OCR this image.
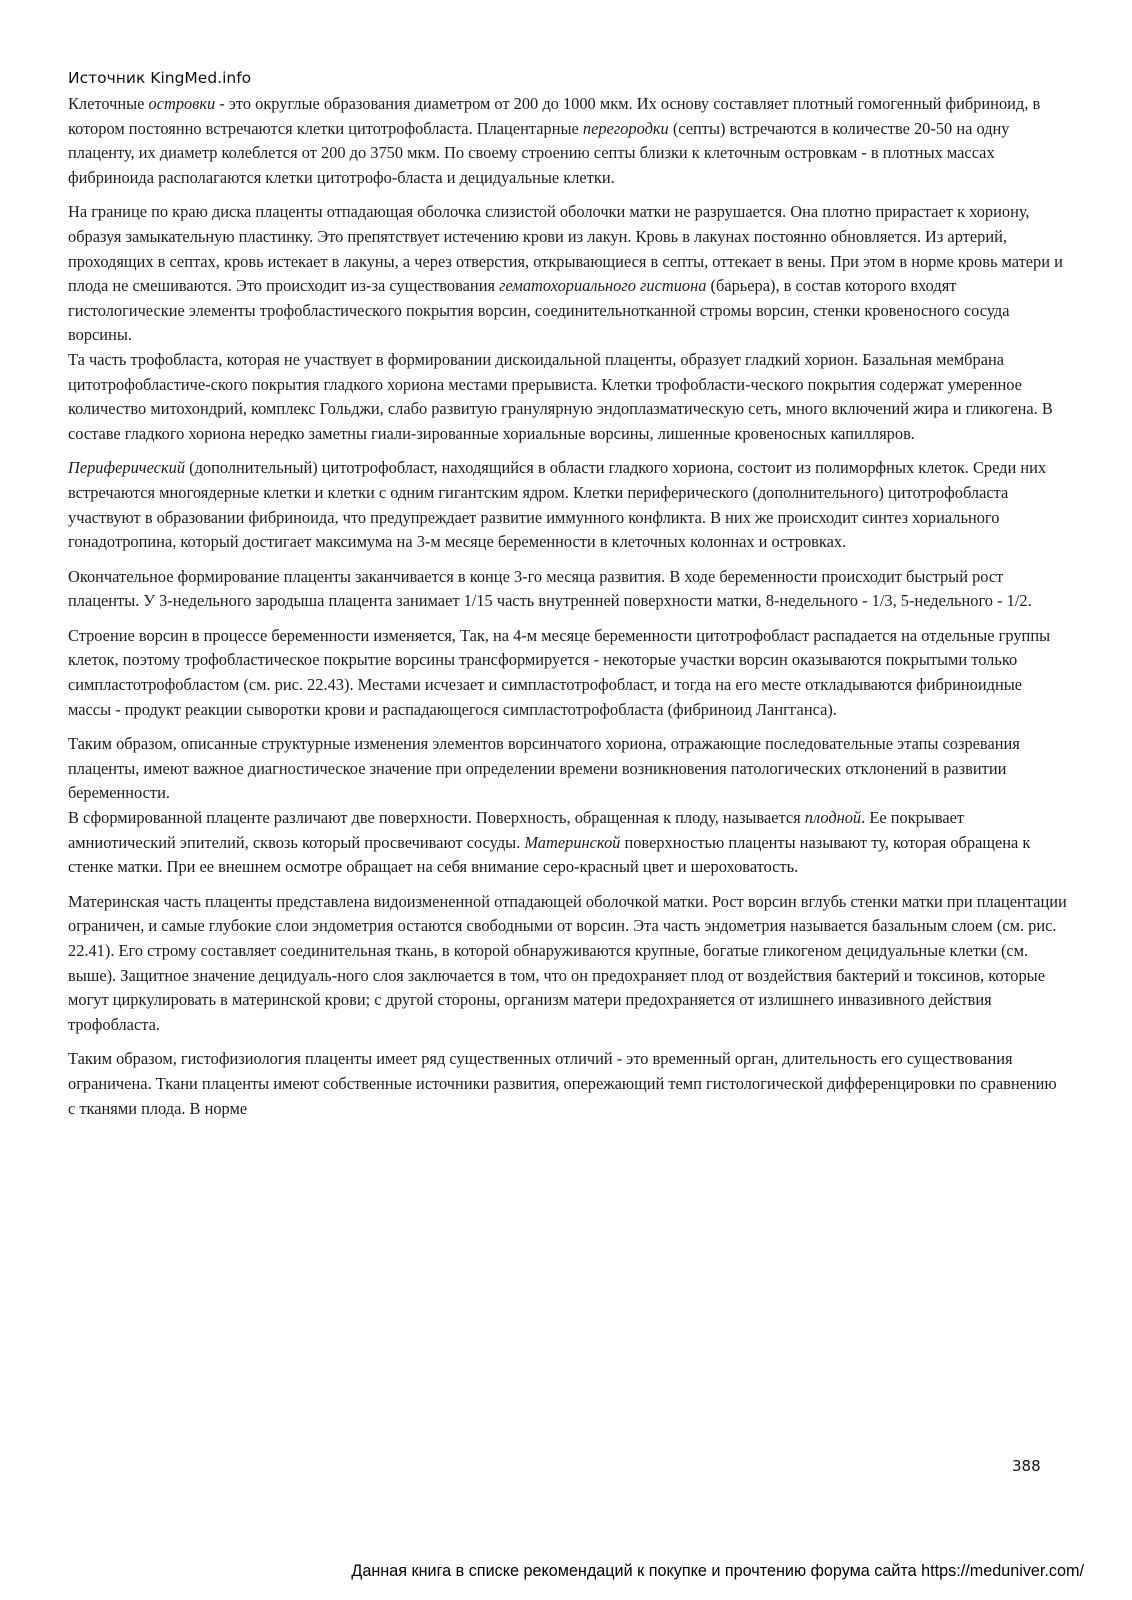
Источник KingMed.info

Клеточные островки - это округлые образования диаметром от 200 до 1000 мкм. Их основу составляет плотный гомогенный фибриноид, в котором постоянно встречаются клетки цитотрофобласта. Плацентарные перегородки (септы) встречаются в количестве 20-50 на одну плаценту, их диаметр колеблется от 200 до 3750 мкм. По своему строению септы близки к клеточным островкам - в плотных массах фибриноида располагаются клетки цитотрофо-бласта и децидуальные клетки.

На границе по краю диска плаценты отпадающая оболочка слизистой оболочки матки не разрушается. Она плотно прирастает к хориону, образуя замыкательную пластинку. Это препятствует истечению крови из лакун. Кровь в лакунах постоянно обновляется. Из артерий, проходящих в септах, кровь истекает в лакуны, а через отверстия, открывающиеся в септы, оттекает в вены. При этом в норме кровь матери и плода не смешиваются. Это происходит из-за существования гематохориального гистиона (барьера), в состав которого входят гистологические элементы трофобластического покрытия ворсин, соединительнотканной стромы ворсин, стенки кровеносного сосуда ворсины.
Та часть трофобласта, которая не участвует в формировании дискоидальной плаценты, образует гладкий хорион. Базальная мембрана цитотрофобластиче-ского покрытия гладкого хориона местами прерывиста. Клетки трофобласти-ческого покрытия содержат умеренное количество митохондрий, комплекс Гольджи, слабо развитую гранулярную эндоплазматическую сеть, много включений жира и гликогена. В составе гладкого хориона нередко заметны гиали-зированные хориальные ворсины, лишенные кровеносных капилляров.

Периферический (дополнительный) цитотрофобласт, находящийся в области гладкого хориона, состоит из полиморфных клеток. Среди них встречаются многоядерные клетки и клетки с одним гигантским ядром. Клетки периферического (дополнительного) цитотрофобласта участвуют в образовании фибриноида, что предупреждает развитие иммунного конфликта. В них же происходит синтез хориального гонадотропина, который достигает максимума на 3-м месяце беременности в клеточных колоннах и островках.

Окончательное формирование плаценты заканчивается в конце 3-го месяца развития. В ходе беременности происходит быстрый рост плаценты. У 3-недельного зародыша плацента занимает 1/15 часть внутренней поверхности матки, 8-недельного - 1/3, 5-недельного - 1/2.

Строение ворсин в процессе беременности изменяется, Так, на 4-м месяце беременности цитотрофобласт распадается на отдельные группы клеток, поэтому трофобластическое покрытие ворсины трансформируется - некоторые участки ворсин оказываются покрытыми только симпластотрофобластом (см. рис. 22.43). Местами исчезает и симпластотрофобласт, и тогда на его месте откладываются фибриноидные массы - продукт реакции сыворотки крови и распадающегося симпластотрофобласта (фибриноид Лангганса).

Таким образом, описанные структурные изменения элементов ворсинчатого хориона, отражающие последовательные этапы созревания плаценты, имеют важное диагностическое значение при определении времени возникновения патологических отклонений в развитии беременности.
В сформированной плаценте различают две поверхности. Поверхность, обращенная к плоду, называется плодной. Ее покрывает амниотический эпителий, сквозь который просвечивают сосуды. Материнской поверхностью плаценты называют ту, которая обращена к стенке матки. При ее внешнем осмотре обращает на себя внимание серо-красный цвет и шероховатость.

Материнская часть плаценты представлена видоизмененной отпадающей оболочкой матки. Рост ворсин вглубь стенки матки при плацентации ограничен, и самые глубокие слои эндометрия остаются свободными от ворсин. Эта часть эндометрия называется базальным слоем (см. рис. 22.41). Его строму составляет соединительная ткань, в которой обнаруживаются крупные, богатые гликогеном децидуальные клетки (см. выше). Защитное значение децидуаль-ного слоя заключается в том, что он предохраняет плод от воздействия бактерий и токсинов, которые могут циркулировать в материнской крови; с другой стороны, организм матери предохраняется от излишнего инвазивного действия трофобласта.

Таким образом, гистофизиология плаценты имеет ряд существенных отличий - это временный орган, длительность его существования ограничена. Ткани плаценты имеют собственные источники развития, опережающий темп гистологической дифференцировки по сравнению с тканями плода. В норме

388
Данная книга в списке рекомендаций к покупке и прочтению форума сайта https://meduniver.com/
